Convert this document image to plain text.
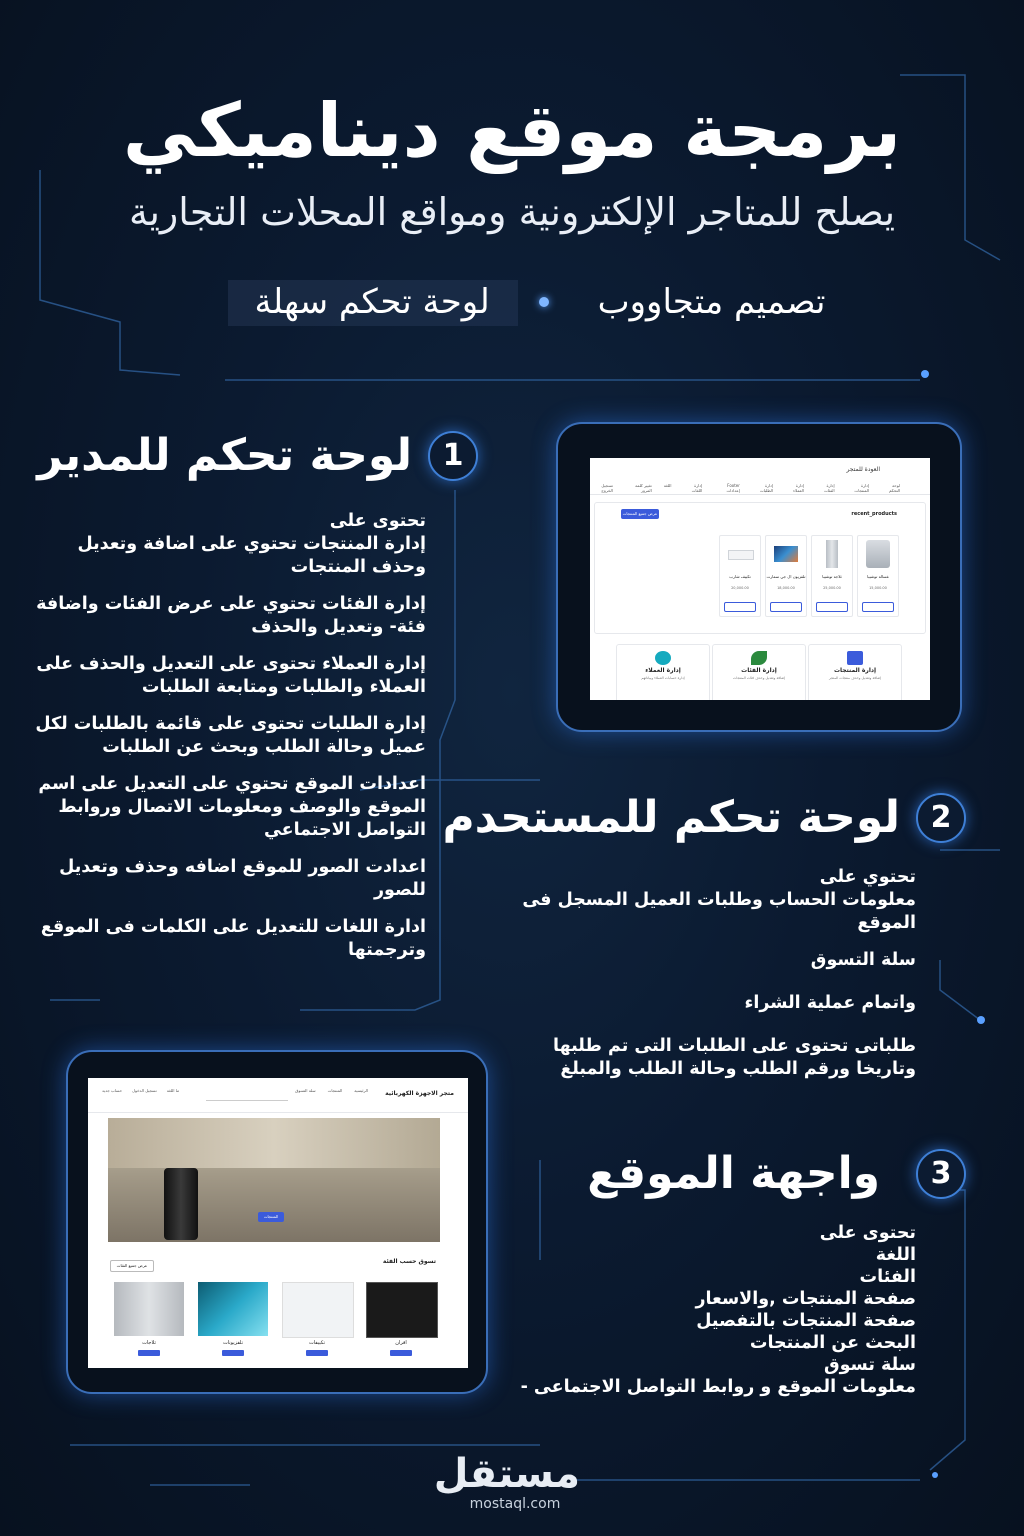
برمجة موقع ديناميكي
يصلح للمتاجر الإلكترونية ومواقع المحلات التجارية
تصميم متجاووب
لوحة تحكم سهلة
1
لوحة تحكم للمدير

تحتوى على
إدارة المنتجات تحتوي على اضافة وتعديل وحذف المنتجات

إدارة الفئات تحتوي على عرض الفئات واضافة فئة- وتعديل والحذف

إدارة العملاء تحتوى على التعديل والحذف على العملاء والطلبات ومتابعة الطلبات

إدارة الطلبات تحتوى على قائمة بالطلبات لكل عميل وحالة الطلب وبحث عن الطلبات

اعدادات الموقع تحتوي على التعديل على اسم الموقع والوصف ومعلومات الاتصال وروابط التواصل الاجتماعي

اعدادت الصور للموقع اضافه وحذف وتعديل للصور

ادارة اللغات للتعديل على الكلمات فى الموقع وترجمتها

العودة للمتجر
لوحة التحكم
إدارة المنتجات
إدارة الفئات
إدارة العملاء
إدارة الطلبات
Footer إعدادات
إدارة اللغات
اللغة
تغيير كلمة المرور
تسجيل الخروج
recent_products
عرض جميع المنتجات
غسالة توشيبا
15,000.00
ثلاجة توشيبا
25,000.00
تلفزيون ال جي سمارت
18,000.00
تكييف شارب
20,000.00
إدارة المنتجات
إضافة وتعديل وحذف منتجات المتجر
إدارة الفئات
إضافة وتعديل وحذف فئات المنتجات
إدارة العملاء
إدارة حسابات العملاء وبياناتهم
2
لوحة تحكم للمستحدم

تحتوي على
معلومات الحساب وطلبات العميل المسجل فى الموقع

سلة التسوق

واتمام عملية الشراء

طلباتى تحتوى على الطلبات التى تم طلبها وتاريخا ورقم الطلب وحالة الطلب والمبلغ

متجر الاجهزة الكهربائية
الرئيسية
المنتجات
سلة التسوق
ما اللغة
تسجيل الدخول
حساب جديد
المنتجات
تسوق حسب الفئة
عرض جميع الفئات
افران
تكييفات
تلفزيونات
ثلاجات
3
واجهة الموقع
تحتوى على
اللغة
الفئات
صفحة المنتجات ,والاسعار
صفحة المنتجات بالتفصيل
البحث عن المنتجات
سلة تسوق
معلومات الموقع و روابط التواصل الاجتماعى -
مستقل
mostaql.com
